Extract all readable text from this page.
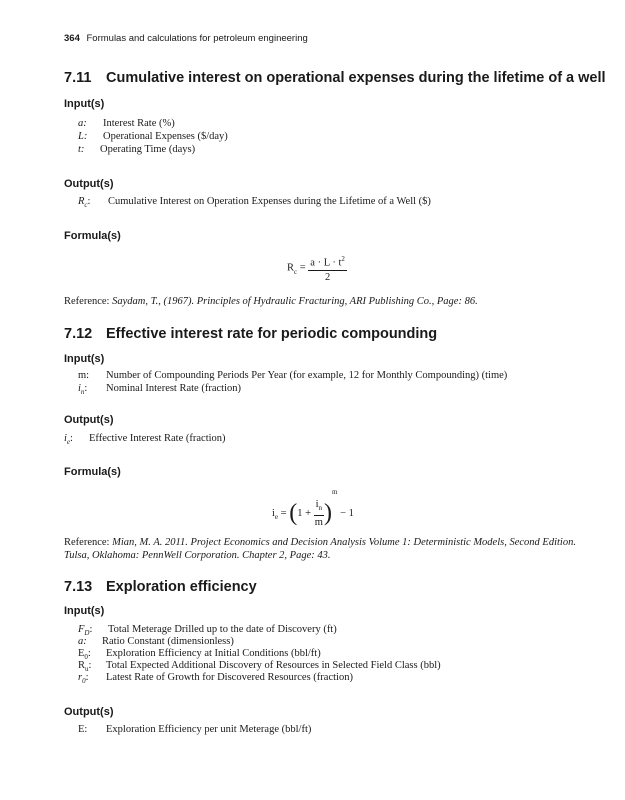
364 Formulas and calculations for petroleum engineering
7.11 Cumulative interest on operational expenses during the lifetime of a well
Input(s)
a: Interest Rate (%)
L: Operational Expenses ($/day)
t: Operating Time (days)
Output(s)
$R_c$: Cumulative Interest on Operation Expenses during the Lifetime of a Well ($)
Formula(s)
$R_c = \frac{a \cdot L \cdot t^2}{2}$
Reference: Saydam, T., (1967). Principles of Hydraulic Fracturing, ARI Publishing Co., Page: 86.
7.12 Effective interest rate for periodic compounding
Input(s)
m: Number of Compounding Periods Per Year (for example, 12 for Monthly Compounding) (time)
$i_n$: Nominal Interest Rate (fraction)
Output(s)
$i_e$: Effective Interest Rate (fraction)
Formula(s)
$i_e = (1 + \frac{i_n}{m} )^m - 1$
Reference: Mian, M. A. 2011. Project Economics and Decision Analysis Volume 1: Deterministic Models, Second Edition.
Tulsa, Oklahoma: PennWell Corporation. Chapter 2, Page: 43.
7.13 Exploration efficiency
Input(s)
$F_D$: Total Meterage Drilled up to the date of Discovery (ft)
a: Ratio Constant (dimensionless)
$E_0$: Exploration Efficiency at Initial Conditions (bbl/ft)
$R_u$: Total Expected Additional Discovery of Resources in Selected Field Class (bbl)
$r_0$: Latest Rate of Growth for Discovered Resources (fraction)
Output(s)
E: Exploration Efficiency per unit Meterage (bbl/ft)
